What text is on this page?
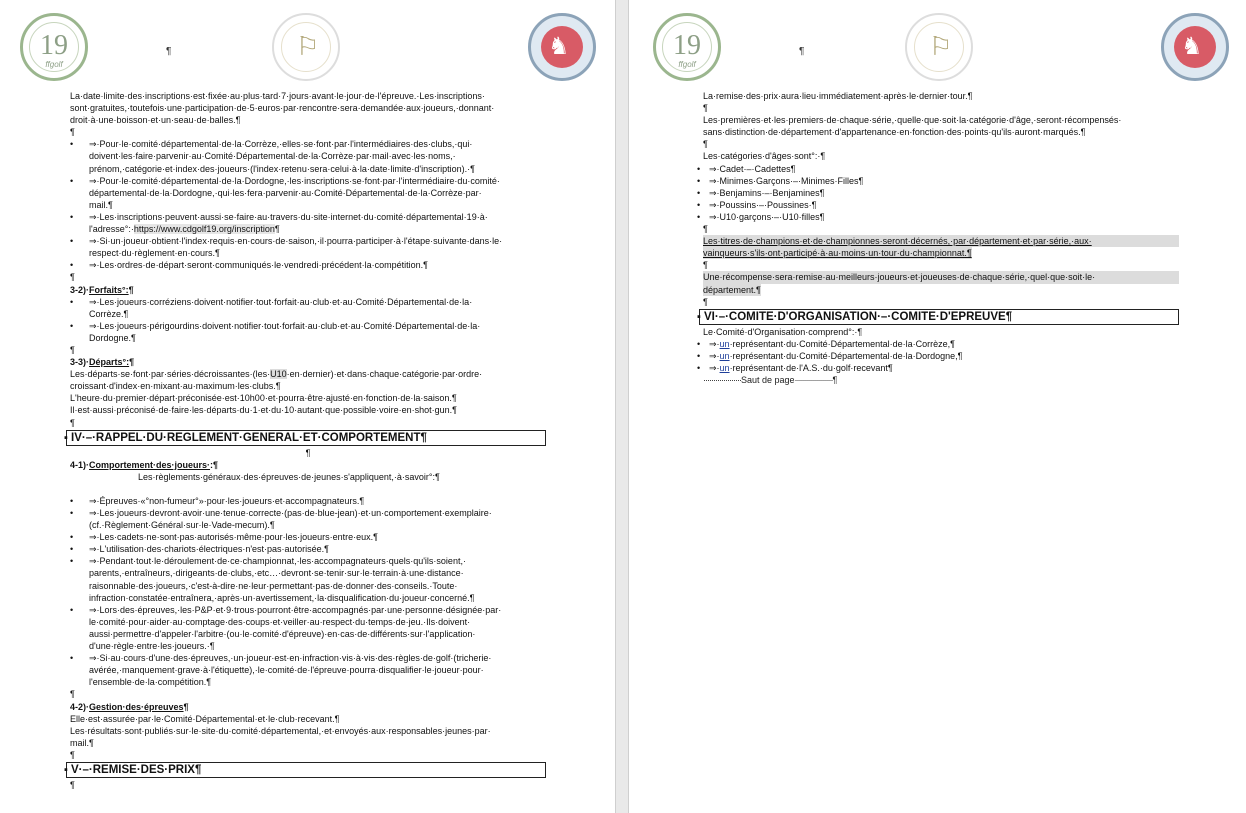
19
ffgolf
¶	⚐	♞
La·date·limite·des·inscriptions·est·fixée·au·plus·tard·7·jours·avant·le·jour·de·l'épreuve.·Les·inscriptions·
sont·gratuites,·toutefois·une·participation·de·5·euros·par·rencontre·sera·demandée·aux·joueurs,·donnant·
droit·à·une·boisson·et·un·seau·de·balles.¶
¶
• ⇒·Pour·le·comité·départemental·de·la·Corrèze,·elles·se·font·par·l'intermédiaires·des·clubs,·qui·
doivent·les·faire·parvenir·au·Comité·Départemental·de·la·Corrèze·par·mail·avec·les·noms,·
prénom,·catégorie·et·index·des·joueurs·(l'index·retenu·sera·celui·à·la·date·limite·d'inscription).·¶
• ⇒·Pour·le·comité·départemental·de·la·Dordogne,·les·inscriptions·se·font·par·l'intermédiaire·du·comité·
départemental·de·la·Dordogne,·qui·les·fera·parvenir·au·Comité·Départemental·de·la·Corrèze·par·
mail.¶
• ⇒·Les·inscriptions·peuvent·aussi·se·faire·au·travers·du·site·internet·du·comité·départemental·19·à·
l'adresse°:·https://www.cdgolf19.org/inscription¶
• ⇒·Si·un·joueur·obtient·l'index·requis·en·cours·de·saison,·il·pourra·participer·à·l'étape·suivante·dans·le·
respect·du·règlement·en·cours.¶
• ⇒·Les·ordres·de·départ·seront·communiqués·le·vendredi·précédent·la·compétition.¶
¶
3-2)·Forfaits°:¶
• ⇒·Les·joueurs·corréziens·doivent·notifier·tout·forfait·au·club·et·au·Comité·Départemental·de·la·
Corrèze.¶
• ⇒·Les·joueurs·périgourdins·doivent·notifier·tout·forfait·au·club·et·au·Comité·Départemental·de·la·
Dordogne.¶
¶
3-3)·Départs°:¶
Les·départs·se·font·par·séries·décroissantes·(les·U10·en·dernier)·et·dans·chaque·catégorie·par·ordre·
croissant·d'index·en·mixant·au·maximum·les·clubs.¶
L'heure·du·premier·départ·préconisée·est·10h00·et·pourra·être·ajusté·en·fonction·de·la·saison.¶
Il·est·aussi·préconisé·de·faire·les·départs·du·1·et·du·10·autant·que·possible·voire·en·shot·gun.¶
¶
▪ IV·–·RAPPEL·DU·REGLEMENT·GENERAL·ET·COMPORTEMENT¶
¶
4-1)·Comportement·des·joueurs·:¶
Les·règlements·généraux·des·épreuves·de·jeunes·s'appliquent,·à·savoir°:¶
• ⇒·Épreuves·«°non-fumeur°»·pour·les·joueurs·et·accompagnateurs.¶
• ⇒·Les·joueurs·devront·avoir·une·tenue·correcte·(pas·de·blue-jean)·et·un·comportement·exemplaire·
(cf.·Règlement·Général·sur·le·Vade-mecum).¶
• ⇒·Les·cadets·ne·sont·pas·autorisés·même·pour·les·joueurs·entre·eux.¶
• ⇒·L'utilisation·des·chariots·électriques·n'est·pas·autorisée.¶
• ⇒·Pendant·tout·le·déroulement·de·ce·championnat,·les·accompagnateurs·quels·qu'ils·soient,·
parents,·entraîneurs,·dirigeants·de·clubs,·etc…·devront·se·tenir·sur·le·terrain·à·une·distance·
raisonnable·des·joueurs,·c'est-à-dire·ne·leur·permettant·pas·de·donner·des·conseils.·Toute·
infraction·constatée·entraînera,·après·un·avertissement,·la·disqualification·du·joueur·concerné.¶
• ⇒·Lors·des·épreuves,·les·P&P·et·9·trous·pourront·être·accompagnés·par·une·personne·désignée·par·
le·comité·pour·aider·au·comptage·des·coups·et·veiller·au·respect·du·temps·de·jeu.·Ils·doivent·
aussi·permettre·d'appeler·l'arbitre·(ou·le·comité·d'épreuve)·en·cas·de·différents·sur·l'application·
d'une·règle·entre·les·joueurs.·¶
• ⇒·Si·au·cours·d'une·des·épreuves,·un·joueur·est·en·infraction·vis·à·vis·des·règles·de·golf·(tricherie·
avérée,·manquement·grave·à·l'étiquette),·le·comité·de·l'épreuve·pourra·disqualifier·le·joueur·pour·
l'ensemble·de·la·compétition.¶
¶
4-2)·Gestion·des·épreuves¶
Elle·est·assurée·par·le·Comité·Départemental·et·le·club·recevant.¶
Les·résultats·sont·publiés·sur·le·site·du·comité·départemental,·et·envoyés·aux·responsables·jeunes·par·
mail.¶
¶
▪ V·–·REMISE·DES·PRIX¶
¶
19
ffgolf
¶	⚐	♞
La·remise·des·prix·aura·lieu·immédiatement·après·le·dernier·tour.¶
¶
Les·premières·et·les·premiers·de·chaque·série,·quelle·que·soit·la·catégorie·d'âge,·seront·récompensés·
sans·distinction·de·département·d'appartenance·en·fonction·des·points·qu'ils·auront·marqués.¶
¶
Les·catégories·d'âges·sont°:·¶
• ⇒·Cadet·–·Cadettes¶
• ⇒·Minimes·Garçons·–·Minimes·Filles¶
• ⇒·Benjamins·–·Benjamines¶
• ⇒·Poussins·–·Poussines·¶
• ⇒·U10·garçons·–·U10·filles¶
¶
Les·titres·de·champions·et·de·championnes·seront·décernés,·par·département·et·par·série,·aux·
vainqueurs·s'ils·ont·participé·à·au·moins·un·tour·du·championnat.¶
¶
Une·récompense·sera·remise·au·meilleurs·joueurs·et·joueuses·de·chaque·série,·quel·que·soit·le·
département.¶
¶
▪ VI·–·COMITE·D'ORGANISATION·–·COMITE·D'EPREUVE¶
Le·Comité·d'Organisation·comprend°:·¶
• ⇒·un·représentant·du·Comité·Départemental·de·la·Corrèze,¶
• ⇒·un·représentant·du·Comité·Départemental·de·la·Dordogne,¶
• ⇒·un·représentant·de·l'A.S.·du·golf·recevant¶
···················Saut de page···················¶
